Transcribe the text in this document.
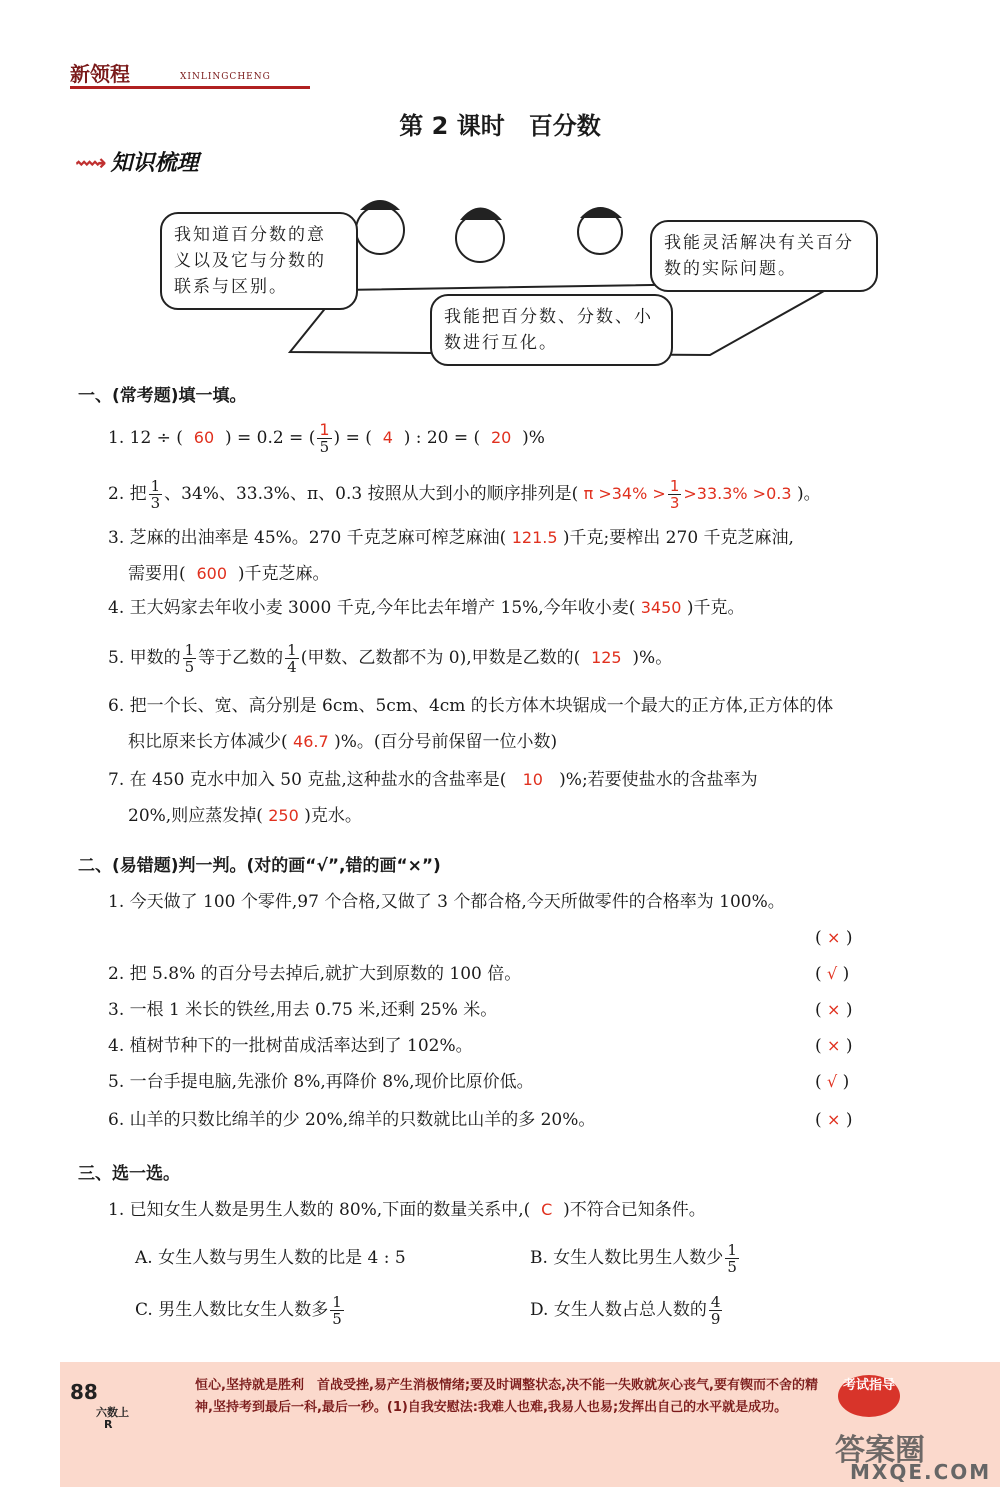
新领程	XINLINGCHENG
第 2 课时　百分数
⟿ 知识梳理
我知道百分数的意义以及它与分数的联系与区别。
我能灵活解决有关百分数的实际问题。
我能把百分数、分数、小数进行互化。
一、(常考题)填一填。
1. 12 ÷ ( 60 ) = 0.2 = ( $\frac{1}{5}$ ) = ( 4 ) : 20 = ( 20 )%
2. 把 $\frac{1}{3}$ 、34%、33.3%、π、0.3 按照从大到小的顺序排列是( $\pi >34\% > \frac{1}{3} >33.3\% >0.3$ )。
3. 芝麻的出油率是 45%。270 千克芝麻可榨芝麻油( 121.5 )千克;要榨出 270 千克芝麻油,
需要用( 600 )千克芝麻。
4. 王大妈家去年收小麦 3000 千克,今年比去年增产 15%,今年收小麦( 3450 )千克。
5. 甲数的 $\frac{1}{5}$ 等于乙数的 $\frac{1}{4}$ (甲数、乙数都不为 0),甲数是乙数的( 125 )%。
6. 把一个长、宽、高分别是 6cm、5cm、4cm 的长方体木块锯成一个最大的正方体,正方体的体
积比原来长方体减少( 46.7 )%。(百分号前保留一位小数)
7. 在 450 克水中加入 50 克盐,这种盐水的含盐率是( 10 )%;若要使盐水的含盐率为
20%,则应蒸发掉( 250 )克水。
二、(易错题)判一判。(对的画“√”,错的画“×”)
1. 今天做了 100 个零件,97 个合格,又做了 3 个都合格,今天所做零件的合格率为 100%。
( × )
2. 把 5.8% 的百分号去掉后,就扩大到原数的 100 倍。	( √ )
3. 一根 1 米长的铁丝,用去 0.75 米,还剩 25% 米。	( × )
4. 植树节种下的一批树苗成活率达到了 102%。	( × )
5. 一台手提电脑,先涨价 8%,再降价 8%,现价比原价低。	( √ )
6. 山羊的只数比绵羊的少 20%,绵羊的只数就比山羊的多 20%。	( × )
三、选一选。
1. 已知女生人数是男生人数的 80%,下面的数量关系中,( C )不符合已知条件。
A. 女生人数与男生人数的比是 4 : 5	B. 女生人数比男生人数少 $\frac{1}{5}$
C. 男生人数比女生人数多 $\frac{1}{5}$	D. 女生人数占总人数的 $\frac{4}{9}$
88
六数上
R
恒心,坚持就是胜利　首战受挫,易产生消极情绪;要及时调整状态,决不能一失败就灰心丧气,要有锲而不舍的精神,坚持考到最后一科,最后一秒。(1)自我安慰法:我难人也难,我易人也易;发挥出自己的水平就是成功。
考试指导
答案圈
MXQE.COM
